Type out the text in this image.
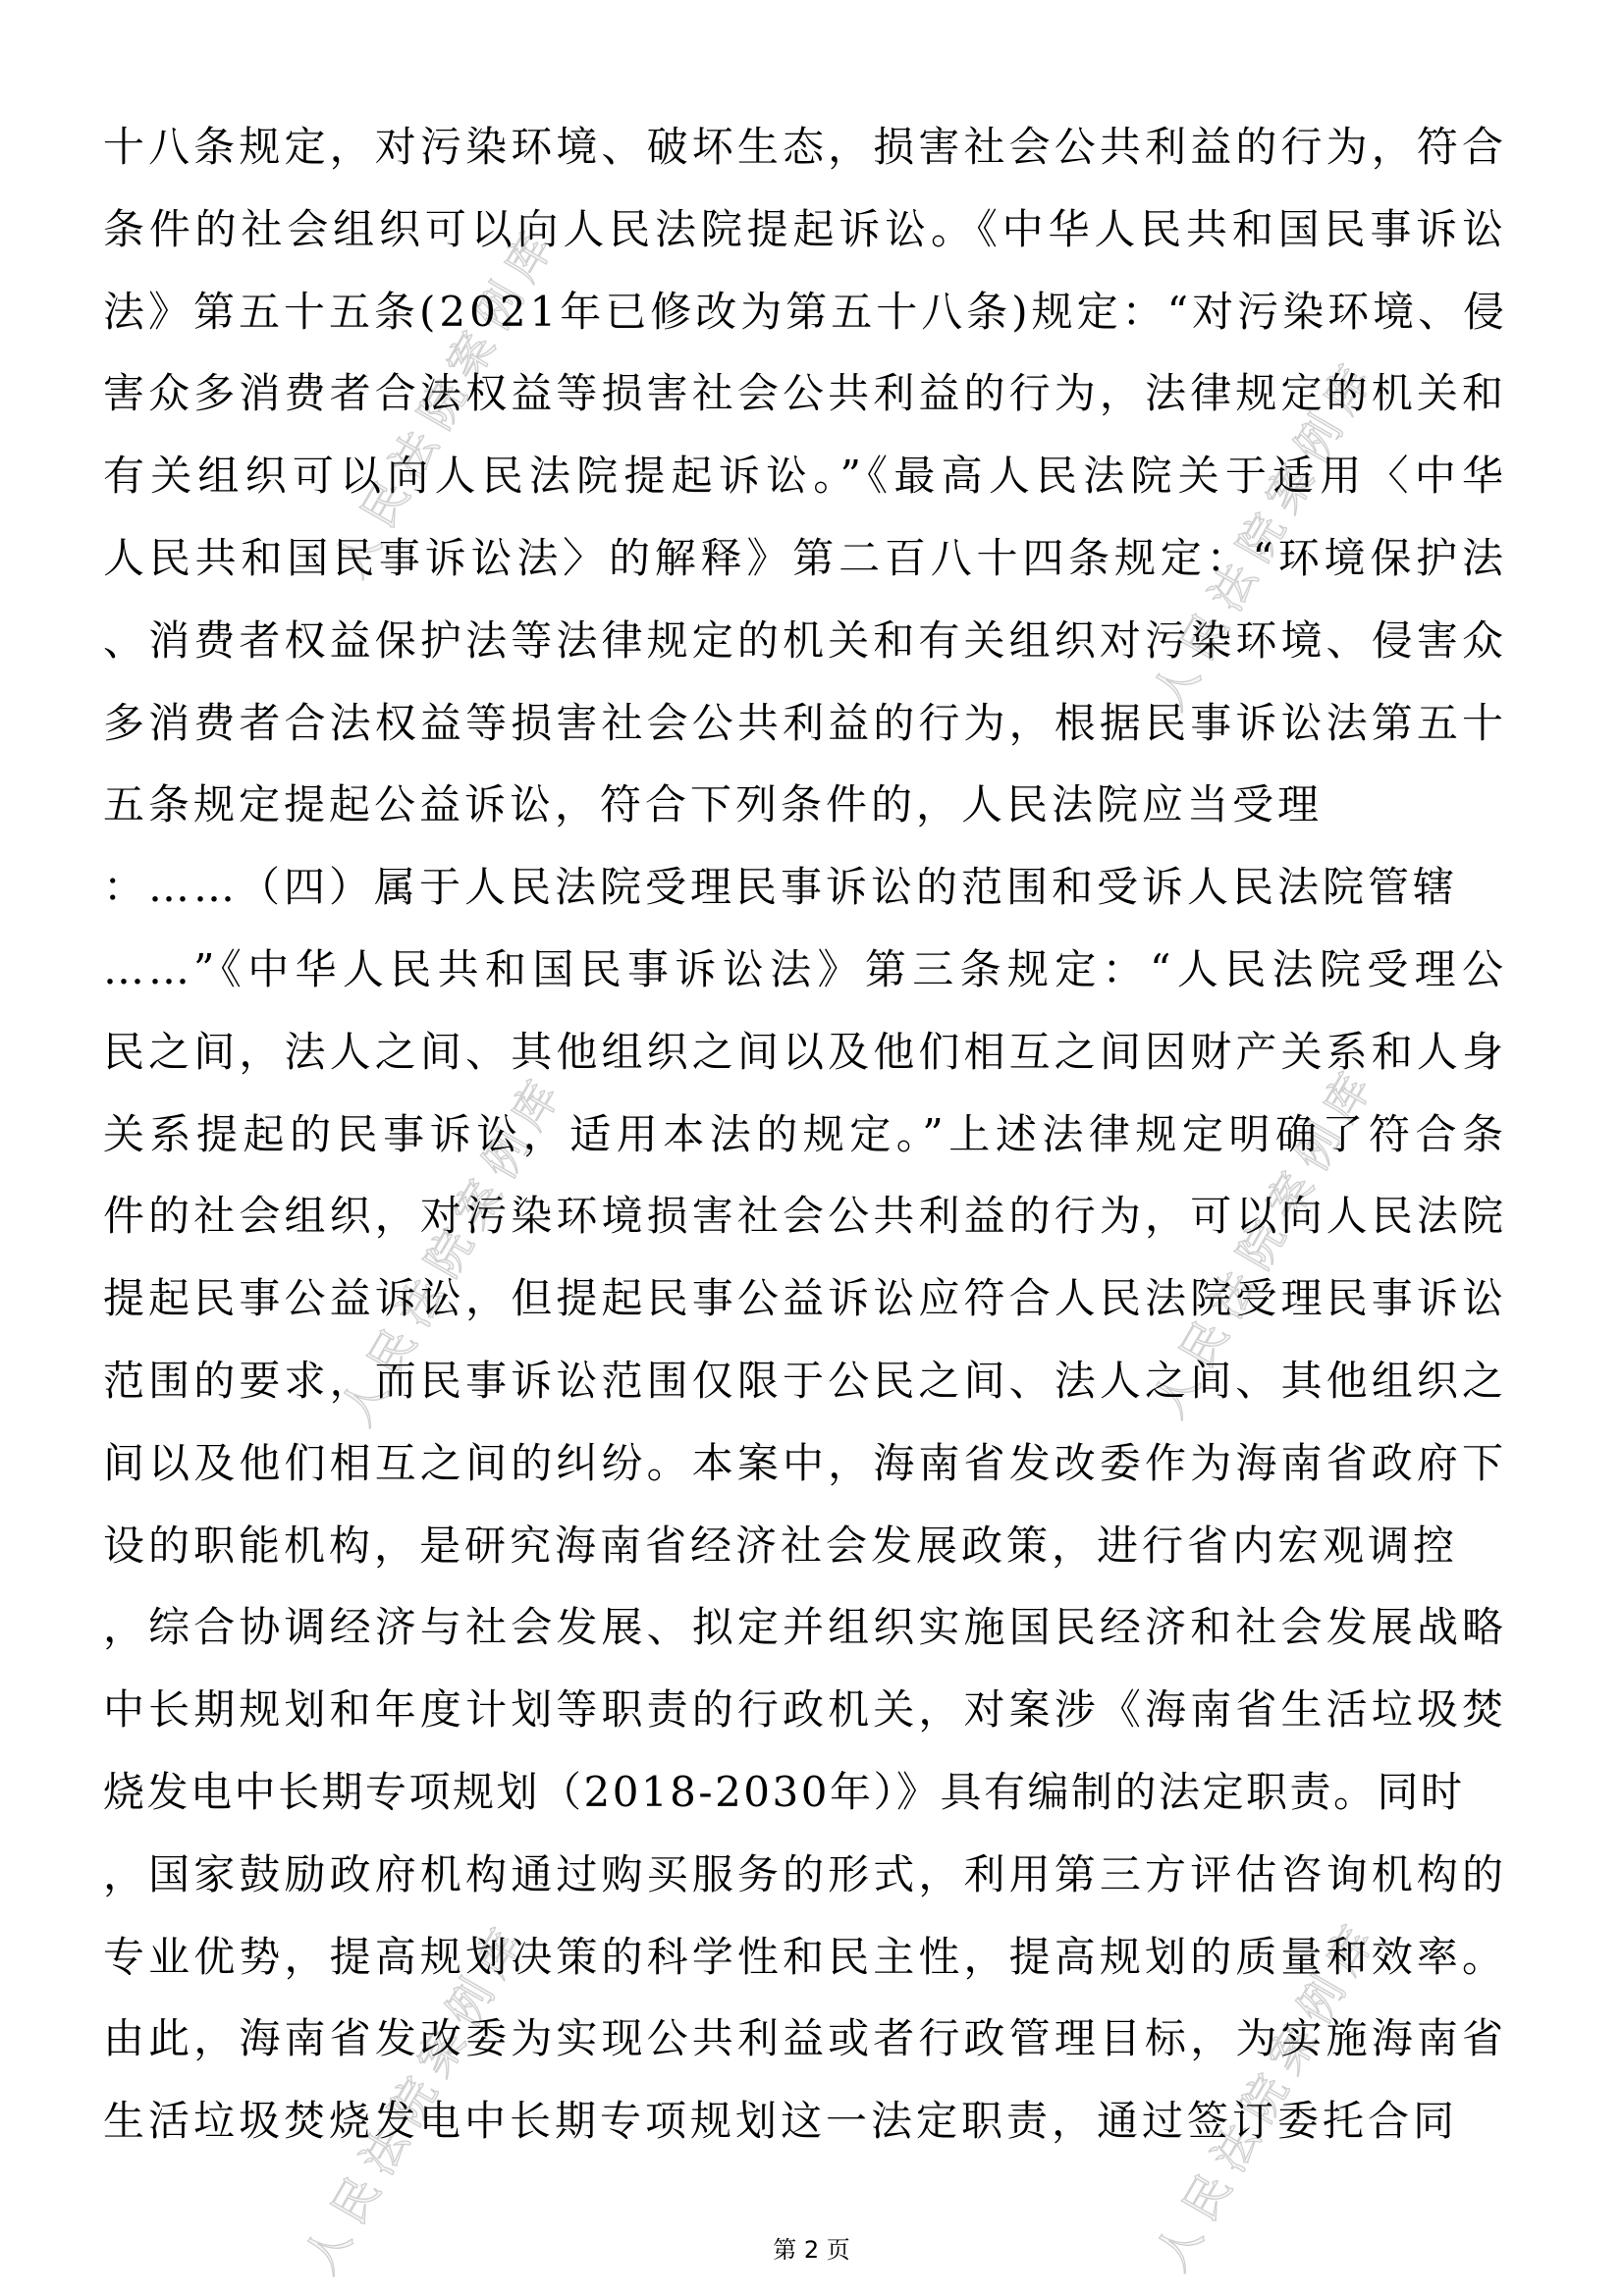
人民法院案例库	人民法院案例库
人民法院案例库	人民法院案例库
人民法院案例库	人民法院案例库
十八条规定，对污染环境、破坏生态，损害社会公共利益的行为，符合
条件的社会组织可以向人民法院提起诉讼。《中华人民共和国民事诉讼
法》第五十五条(2021年已修改为第五十八条)规定：“对污染环境、侵
害众多消费者合法权益等损害社会公共利益的行为，法律规定的机关和
有关组织可以向人民法院提起诉讼。”《最高人民法院关于适用〈中华
人民共和国民事诉讼法〉的解释》第二百八十四条规定：“环境保护法
、消费者权益保护法等法律规定的机关和有关组织对污染环境、侵害众
多消费者合法权益等损害社会公共利益的行为，根据民事诉讼法第五十
五条规定提起公益诉讼，符合下列条件的，人民法院应当受理
：……（四）属于人民法院受理民事诉讼的范围和受诉人民法院管辖
……”《中华人民共和国民事诉讼法》第三条规定：“人民法院受理公
民之间，法人之间、其他组织之间以及他们相互之间因财产关系和人身
关系提起的民事诉讼，适用本法的规定。”上述法律规定明确了符合条
件的社会组织，对污染环境损害社会公共利益的行为，可以向人民法院
提起民事公益诉讼，但提起民事公益诉讼应符合人民法院受理民事诉讼
范围的要求，而民事诉讼范围仅限于公民之间、法人之间、其他组织之
间以及他们相互之间的纠纷。本案中，海南省发改委作为海南省政府下
设的职能机构，是研究海南省经济社会发展政策，进行省内宏观调控
，综合协调经济与社会发展、拟定并组织实施国民经济和社会发展战略
中长期规划和年度计划等职责的行政机关，对案涉《海南省生活垃圾焚
烧发电中长期专项规划（2018-2030年）》具有编制的法定职责。同时
，国家鼓励政府机构通过购买服务的形式，利用第三方评估咨询机构的
专业优势，提高规划决策的科学性和民主性，提高规划的质量和效率。
由此，海南省发改委为实现公共利益或者行政管理目标，为实施海南省
生活垃圾焚烧发电中长期专项规划这一法定职责，通过签订委托合同
第 2 页
